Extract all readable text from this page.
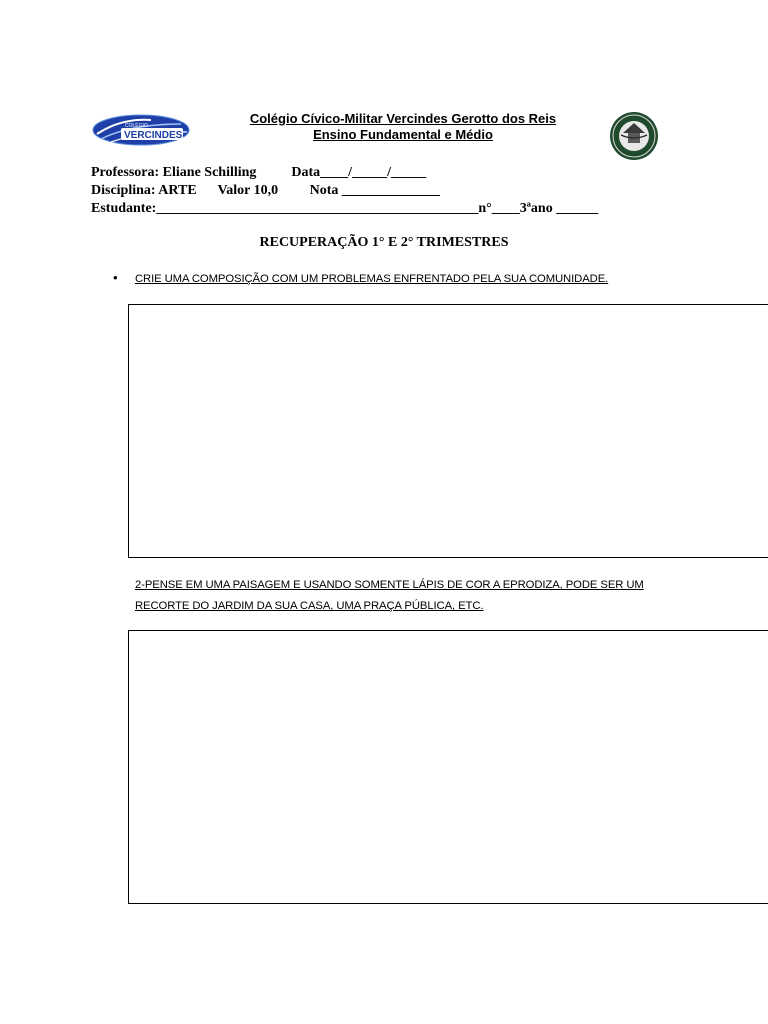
COLÉGIO
VERCINDES
Colégio Cívico-Militar Vercindes Gerotto dos Reis
Ensino Fundamental e Médio
Professora: Eliane Schilling          Data____/_____/_____
Disciplina: ARTE      Valor 10,0         Nota ______________
Estudante:______________________________________________n°____3ªano ______
RECUPERAÇÃO 1° E 2° TRIMESTRES
• CRIE UMA COMPOSIÇÃO COM UM PROBLEMAS ENFRENTADO PELA SUA COMUNIDADE.
2-PENSE EM UMA PAISAGEM E USANDO SOMENTE LÁPIS DE COR A EPRODIZA, PODE SER UM
RECORTE DO JARDIM DA SUA CASA, UMA PRAÇA PÚBLICA, ETC.
